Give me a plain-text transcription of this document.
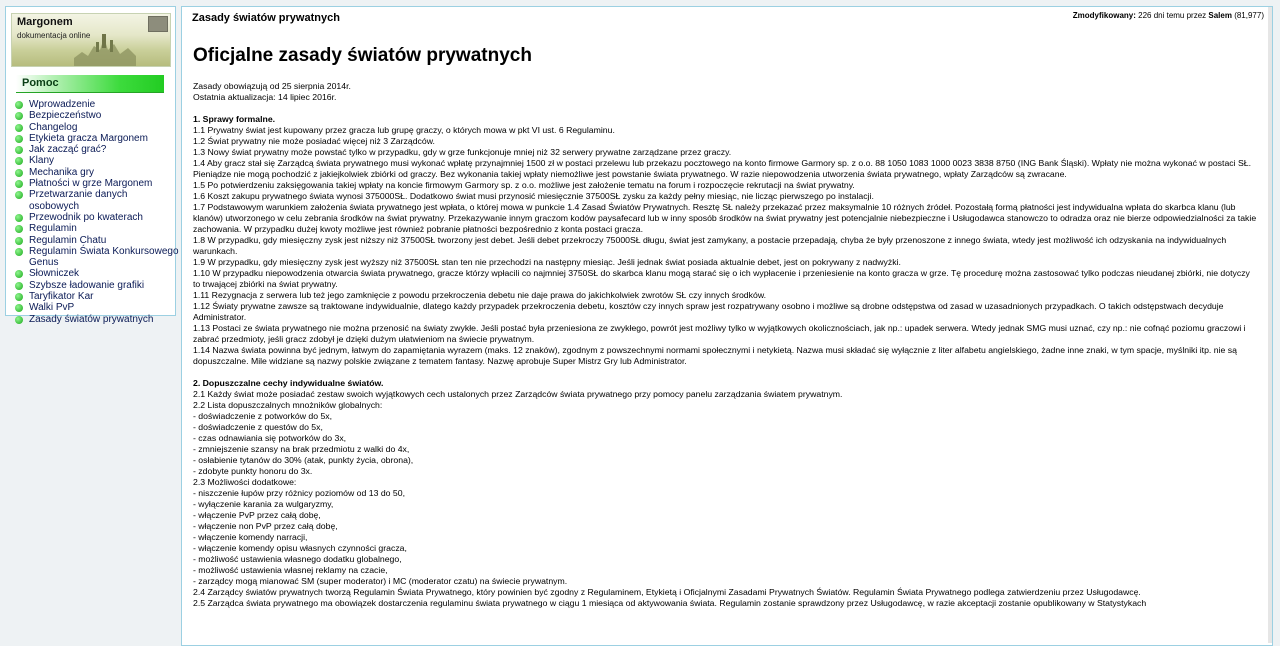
Margonem
dokumentacja online
Pomoc
Wprowadzenie
Bezpieczeństwo
Changelog
Etykieta gracza Margonem
Jak zacząć grać?
Klany
Mechanika gry
Płatności w grze Margonem
Przetwarzanie danych osobowych
Przewodnik po kwaterach
Regulamin
Regulamin Chatu
Regulamin Świata Konkursowego Genus
Słowniczek
Szybsze ładowanie grafiki
Taryfikator Kar
Walki PvP
Zasady światów prywatnych
Zasady światów prywatnych	Zmodyfikowany: 226 dni temu przez Salem (81,977)
Oficjalne zasady światów prywatnych
Zasady obowiązują od 25 sierpnia 2014r.
Ostatnia aktualizacja: 14 lipiec 2016r.
1. Sprawy formalne.
1.1 Prywatny świat jest kupowany przez gracza lub grupę graczy, o których mowa w pkt VI ust. 6 Regulaminu.
1.2 Świat prywatny nie może posiadać więcej niż 3 Zarządców.
1.3 Nowy świat prywatny może powstać tylko w przypadku, gdy w grze funkcjonuje mniej niż 32 serwery prywatne zarządzane przez graczy.
1.4 Aby gracz stał się Zarządcą świata prywatnego musi wykonać wpłatę przynajmniej 1500 zł w postaci przelewu lub przekazu pocztowego na konto firmowe Garmory sp. z o.o. 88 1050 1083 1000 0023 3838 8750 (ING Bank Śląski). Wpłaty nie można wykonać w postaci SŁ. Pieniądze nie mogą pochodzić z jakiejkolwiek zbiórki od graczy. Bez wykonania takiej wpłaty niemożliwe jest powstanie świata prywatnego. W razie niepowodzenia utworzenia świata prywatnego, wpłaty Zarządców są zwracane.
1.5 Po potwierdzeniu zaksięgowania takiej wpłaty na koncie firmowym Garmory sp. z o.o. możliwe jest założenie tematu na forum i rozpoczęcie rekrutacji na świat prywatny.
1.6 Koszt zakupu prywatnego świata wynosi 375000SŁ. Dodatkowo świat musi przynosić miesięcznie 37500SŁ zysku za każdy pełny miesiąc, nie licząc pierwszego po instalacji.
1.7 Podstawowym warunkiem założenia świata prywatnego jest wpłata, o której mowa w punkcie 1.4 Zasad Światów Prywatnych. Resztę SŁ należy przekazać przez maksymalnie 10 różnych źródeł. Pozostałą formą płatności jest indywidualna wpłata do skarbca klanu (lub klanów) utworzonego w celu zebrania środków na świat prywatny. Przekazywanie innym graczom kodów paysafecard lub w inny sposób środków na świat prywatny jest potencjalnie niebezpieczne i Usługodawca stanowczo to odradza oraz nie bierze odpowiedzialności za takie zachowania. W przypadku dużej kwoty możliwe jest również pobranie płatności bezpośrednio z konta postaci gracza.
1.8 W przypadku, gdy miesięczny zysk jest niższy niż 37500SŁ tworzony jest debet. Jeśli debet przekroczy 75000SŁ długu, świat jest zamykany, a postacie przepadają, chyba że były przenoszone z innego świata, wtedy jest możliwość ich odzyskania na indywidualnych warunkach.
1.9 W przypadku, gdy miesięczny zysk jest wyższy niż 37500SŁ stan ten nie przechodzi na następny miesiąc. Jeśli jednak świat posiada aktualnie debet, jest on pokrywany z nadwyżki.
1.10 W przypadku niepowodzenia otwarcia świata prywatnego, gracze którzy wpłacili co najmniej 3750SŁ do skarbca klanu mogą starać się o ich wypłacenie i przeniesienie na konto gracza w grze. Tę procedurę można zastosować tylko podczas nieudanej zbiórki, nie dotyczy to trwającej zbiórki na świat prywatny.
1.11 Rezygnacja z serwera lub też jego zamknięcie z powodu przekroczenia debetu nie daje prawa do jakichkolwiek zwrotów SŁ czy innych środków.
1.12 Światy prywatne zawsze są traktowane indywidualnie, dlatego każdy przypadek przekroczenia debetu, kosztów czy innych spraw jest rozpatrywany osobno i możliwe są drobne odstępstwa od zasad w uzasadnionych przypadkach. O takich odstępstwach decyduje Administrator.
1.13 Postaci ze świata prywatnego nie można przenosić na światy zwykłe. Jeśli postać była przeniesiona ze zwykłego, powrót jest możliwy tylko w wyjątkowych okolicznościach, jak np.: upadek serwera. Wtedy jednak SMG musi uznać, czy np.: nie cofnąć poziomu graczowi i zabrać przedmioty, jeśli gracz zdobył je dzięki dużym ułatwieniom na świecie prywatnym.
1.14 Nazwa świata powinna być jednym, łatwym do zapamiętania wyrazem (maks. 12 znaków), zgodnym z powszechnymi normami społecznymi i netykietą. Nazwa musi składać się wyłącznie z liter alfabetu angielskiego, żadne inne znaki, w tym spacje, myślniki itp. nie są dopuszczalne. Mile widziane są nazwy polskie związane z tematem fantasy. Nazwę aprobuje Super Mistrz Gry lub Administrator.
2. Dopuszczalne cechy indywidualne światów.
2.1 Każdy świat może posiadać zestaw swoich wyjątkowych cech ustalonych przez Zarządców świata prywatnego przy pomocy panelu zarządzania światem prywatnym.
2.2 Lista dopuszczalnych mnożników globalnych:
- doświadczenie z potworków do 5x,
- doświadczenie z questów do 5x,
- czas odnawiania się potworków do 3x,
- zmniejszenie szansy na brak przedmiotu z walki do 4x,
- osłabienie tytanów do 30% (atak, punkty życia, obrona),
- zdobyte punkty honoru do 3x.
2.3 Możliwości dodatkowe:
- niszczenie łupów przy różnicy poziomów od 13 do 50,
- wyłączenie karania za wulgaryzmy,
- włączenie PvP przez całą dobę,
- włączenie non PvP przez całą dobę,
- włączenie komendy narracji,
- włączenie komendy opisu własnych czynności gracza,
- możliwość ustawienia własnego dodatku globalnego,
- możliwość ustawienia własnej reklamy na czacie,
- zarządcy mogą mianować SM (super moderator) i MC (moderator czatu) na świecie prywatnym.
2.4 Zarządcy światów prywatnych tworzą Regulamin Świata Prywatnego, który powinien być zgodny z Regulaminem, Etykietą i Oficjalnymi Zasadami Prywatnych Światów. Regulamin Świata Prywatnego podlega zatwierdzeniu przez Usługodawcę.
2.5 Zarządca świata prywatnego ma obowiązek dostarczenia regulaminu świata prywatnego w ciągu 1 miesiąca od aktywowania świata. Regulamin zostanie sprawdzony przez Usługodawcę, w razie akceptacji zostanie opublikowany w Statystykach
